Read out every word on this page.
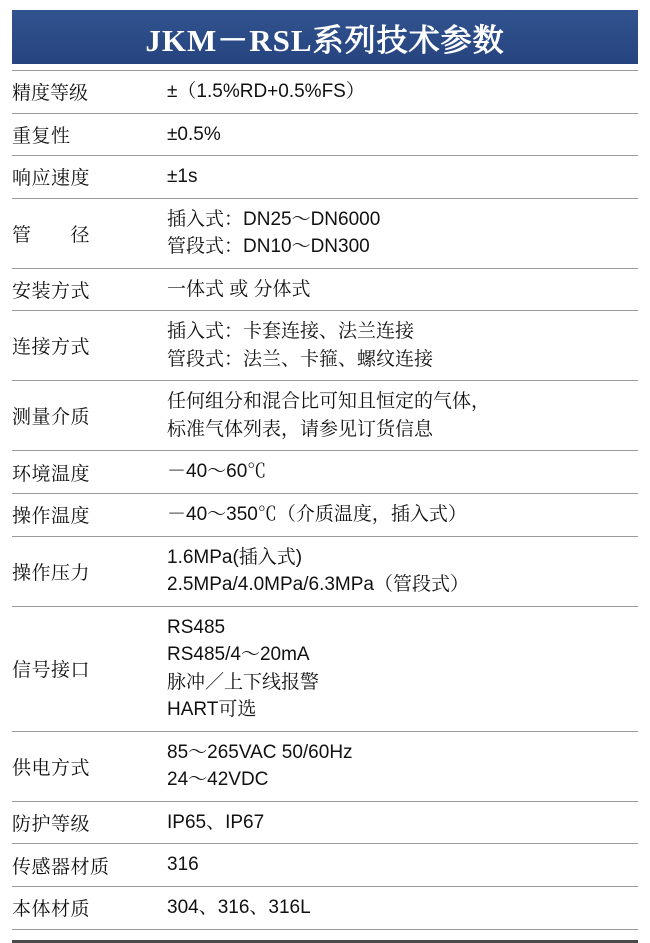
JKM－RSL系列技术参数
精度等级	±（1.5%RD+0.5%FS）

重复性	±0.5%

响应速度	±1s

管　　径	插入式：DN25～DN6000
管段式：DN10～DN300

安装方式	一体式 或 分体式

连接方式	插入式：卡套连接、法兰连接
管段式：法兰、卡箍、螺纹连接

测量介质	任何组分和混合比可知且恒定的气体，
标准气体列表，请参见订货信息

环境温度	－40～60℃

操作温度	－40～350℃（介质温度，插入式）

操作压力	1.6MPa(插入式)
2.5MPa/4.0MPa/6.3MPa（管段式）

信号接口	RS485
RS485/4～20mA
脉冲／上下线报警
HART可选

供电方式	85～265VAC 50/60Hz
24～42VDC

防护等级	IP65、IP67

传感器材质	316

本体材质	304、316、316L
